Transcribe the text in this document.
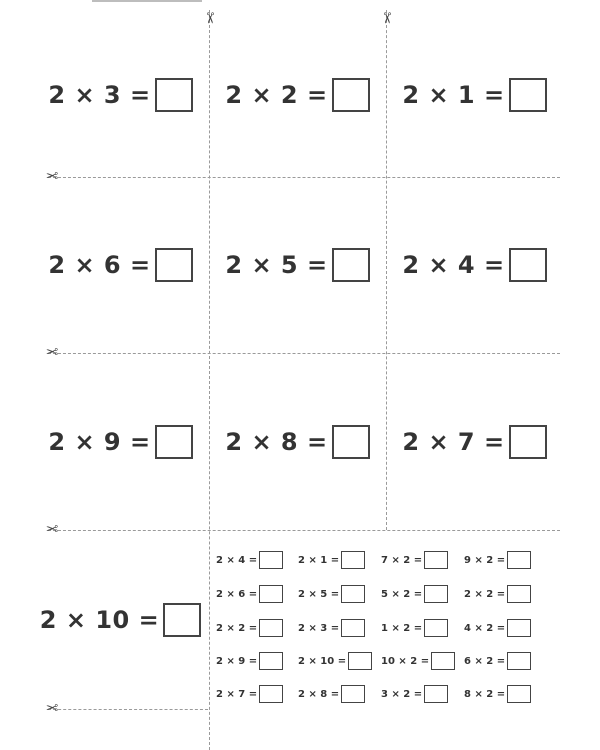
✂	✂
✂
✂
✂
✂
2 × 3 =	2 × 2 =	2 × 1 =
2 × 6 =	2 × 5 =	2 × 4 =
2 × 9 =	2 × 8 =	2 × 7 =
2 × 10 =
2 × 4 =	2 × 1 =	7 × 2 =	9 × 2 =
2 × 6 =	2 × 5 =	5 × 2 =	2 × 2 =
2 × 2 =	2 × 3 =	1 × 2 =	4 × 2 =
2 × 9 =	2 × 10 =	10 × 2 =	6 × 2 =
2 × 7 =	2 × 8 =	3 × 2 =	8 × 2 =
